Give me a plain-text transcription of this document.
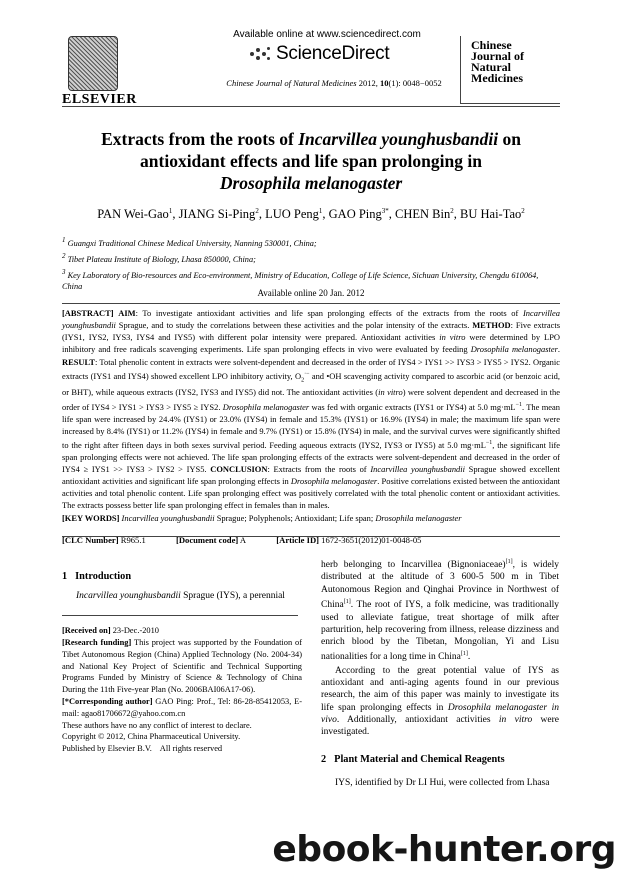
ELSEVIER
Available online at www.sciencedirect.com
ScienceDirect
Chinese Journal of Natural Medicines 2012, 10(1): 0048−0052
Chinese
Journal of
Natural
Medicines
Extracts from the roots of Incarvillea younghusbandii on
antioxidant effects and life span prolonging in
Drosophila melanogaster
PAN Wei-Gao$^1$, JIANG Si-Ping$^2$, LUO Peng$^1$, GAO Ping$^{3*}$, CHEN Bin$^2$, BU Hai-Tao$^2$
$^1$ Guangxi Traditional Chinese Medical University, Nanning 530001, China;
$^2$ Tibet Plateau Institute of Biology, Lhasa 850000, China;
$^3$ Key Laboratory of Bio-resources and Eco-environment, Ministry of Education, College of Life Science, Sichuan University, Chengdu 610064, China
Available online 20 Jan. 2012
[ABSTRACT] AIM: To investigate antioxidant activities and life span prolonging effects of the extracts from the roots of Incarvillea younghusbandii Sprague, and to study the correlations between these activities and the polar intensity of the extracts. METHOD: Five extracts (IYS1, IYS2, IYS3, IYS4 and IYS5) with different polar intensity were prepared. Antioxidant activities in vitro were determined by LPO inhibitory and free radicals scavenging experiments. Life span prolonging effects in vivo were evaluated by feeding Drosophila melanogaster. RESULT: Total phenolic content in extracts were solvent-dependent and decreased in the order of IYS4 > IYS1 >> IYS3 > IYS5 > IYS2. Organic extracts (IYS1 and IYS4) showed excellent LPO inhibitory activity, $O_2^{\cdot-}$ and •OH scavenging activity compared to ascorbic acid (or benzoic acid, or BHT), while aqueous extracts (IYS2, IYS3 and IYS5) did not. The antioxidant activities (in vitro) were solvent dependent and decreased in the order of IYS4 > IYS1 > IYS3 > IYS5 ≥ IYS2. Drosophila melanogaster was fed with organic extracts (IYS1 or IYS4) at 5.0 $mg\cdot mL^{-1}$. The mean life span were increased by 24.4% (IYS1) or 23.0% (IYS4) in female and 15.3% (IYS1) or 16.9% (IYS4) in male; the maximum life span were increased by 8.4% (IYS1) or 11.2% (IYS4) in female and 9.7% (IYS1) or 15.8% (IYS4) in male, and the survival curves were significantly shifted to the right after fifteen days in both sexes survival period. Feeding aqueous extracts (IYS2, IYS3 or IYS5) at 5.0 $mg\cdot mL^{-1}$, the significant life span prolonging effects were not achieved. The life span prolonging effects of the extracts were solvent-dependent and decreased in the order of IYS4 ≥ IYS1 >> IYS3 > IYS2 > IYS5. CONCLUSION: Extracts from the roots of Incarvillea younghusbandii Sprague showed excellent antioxidant activities and significant life span prolonging effects in Drosophila melanogaster. Positive correlations existed between the antioxidant activities and total phenolic content. Life span prolonging effect was positively correlated with the total phenolic content or antioxidant activities. The extracts possess better life span prolonging effect in females than in males.
[KEY WORDS] Incarvillea younghusbandii Sprague; Polyphenols; Antioxidant; Life span; Drosophila melanogaster
[CLC Number] R965.1	[Document code] A	[Article ID] 1672-3651(2012)01-0048-05
1 Introduction
Incarvillea younghusbandii Sprague (IYS), a perennial
[Received on] 23-Dec.-2010
[Research funding] This project was supported by the Foundation of Tibet Autonomous Region (China) Applied Technology (No. 2004-34) and National Key Project of Scientific and Technical Supporting Programs Funded by Ministry of Science & Technology of China During the 11th Five-year Plan (No. 2006BAI06A17-06).
[*Corresponding author] GAO Ping: Prof., Tel: 86-28-85412053, E-mail: agao81706672@yahoo.com.cn
These authors have no any conflict of interest to declare.
Copyright © 2012, China Pharmaceutical University.
Published by Elsevier B.V.    All rights reserved
herb belonging to Incarvillea (Bignoniaceae)[1], is widely distributed at the altitude of 3 600-5 500 m in Tibet Autonomous Region and Qinghai Province in Northwest of China[1]. The root of IYS, a folk medicine, was traditionally used to alleviate fatigue, treat shortage of milk after parturition, help recovering from illness, release dizziness and enrich blood by the Tibetan, Mongolian, Yi and Lisu nationalities for a long time in China[1].
According to the great potential value of IYS as antioxidant and anti-aging agents found in our previous research, the aim of this paper was mainly to investigate its life span prolonging effects in Drosophila melanogaster in vivo. Additionally, antioxidant activities in vitro were investigated.
2 Plant Material and Chemical Reagents
IYS, identified by Dr LI Hui, were collected from Lhasa
ebook-hunter.org
